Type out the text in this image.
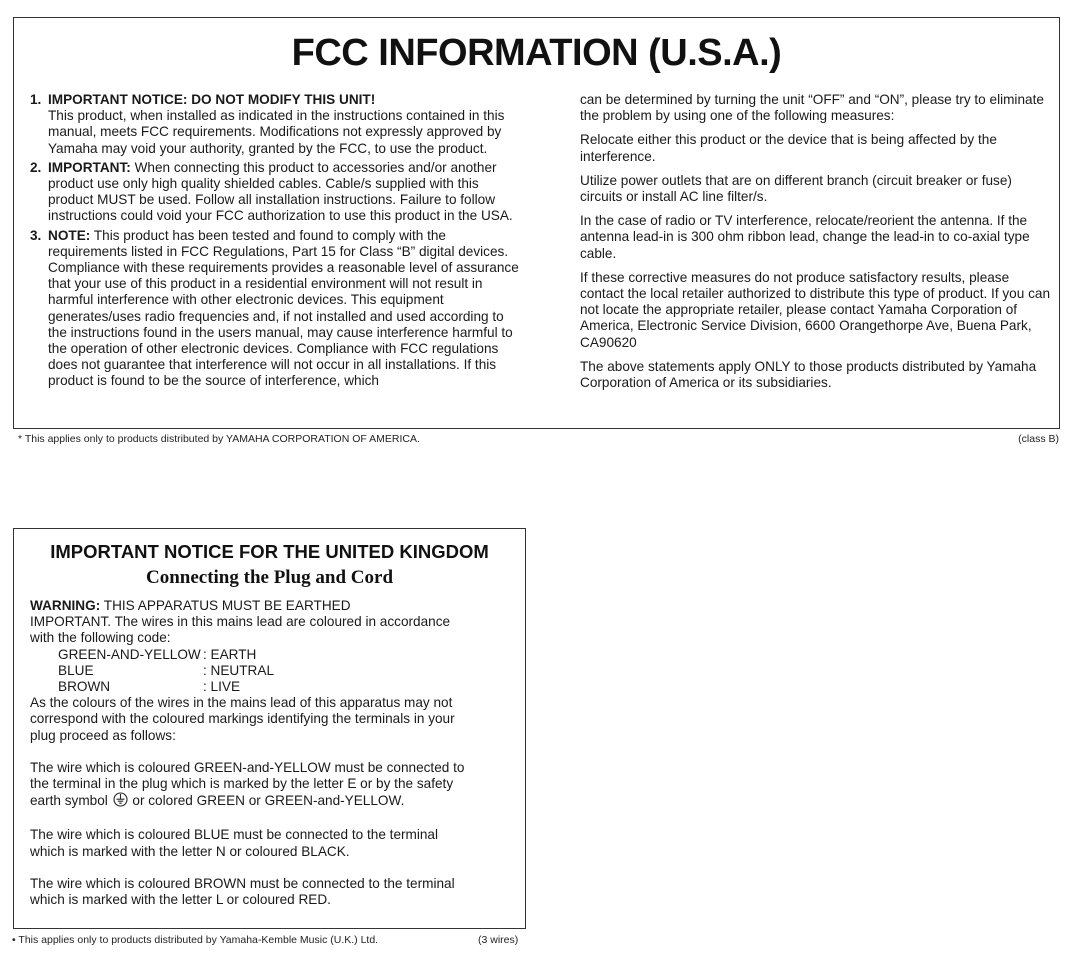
FCC INFORMATION (U.S.A.)
1. IMPORTANT NOTICE: DO NOT MODIFY THIS UNIT!
This product, when installed as indicated in the instructions contained in this manual, meets FCC requirements. Modifications not expressly approved by Yamaha may void your authority, granted by the FCC, to use the product.
2. IMPORTANT: When connecting this product to accessories and/or another product use only high quality shielded cables. Cable/s supplied with this product MUST be used. Follow all installation instructions. Failure to follow instructions could void your FCC authorization to use this product in the USA.
3. NOTE: This product has been tested and found to comply with the requirements listed in FCC Regulations, Part 15 for Class “B” digital devices. Compliance with these requirements provides a reasonable level of assurance that your use of this product in a residential environment will not result in harmful interference with other electronic devices. This equipment generates/uses radio frequencies and, if not installed and used according to the instructions found in the users manual, may cause interference harmful to the operation of other electronic devices. Compliance with FCC regulations does not guarantee that interference will not occur in all installations. If this product is found to be the source of interference, which

can be determined by turning the unit “OFF” and “ON”, please try to eliminate the problem by using one of the following measures:

Relocate either this product or the device that is being affected by the interference.

Utilize power outlets that are on different branch (circuit breaker or fuse) circuits or install AC line filter/s.

In the case of radio or TV interference, relocate/reorient the antenna. If the antenna lead-in is 300 ohm ribbon lead, change the lead-in to co-axial type cable.

If these corrective measures do not produce satisfactory results, please contact the local retailer authorized to distribute this type of product. If you can not locate the appropriate retailer, please contact Yamaha Corporation of America, Electronic Service Division, 6600 Orangethorpe Ave, Buena Park, CA90620

The above statements apply ONLY to those products distributed by Yamaha Corporation of America or its subsidiaries.

* This applies only to products distributed by YAMAHA CORPORATION OF AMERICA.	(class B)
IMPORTANT NOTICE FOR THE UNITED KINGDOM
Connecting the Plug and Cord
WARNING: THIS APPARATUS MUST BE EARTHED
IMPORTANT. The wires in this mains lead are coloured in accordance
with the following code:
GREEN-AND-YELLOW : EARTH
BLUE	: NEUTRAL
BROWN	: LIVE
As the colours of the wires in the mains lead of this apparatus may not
correspond with the coloured markings identifying the terminals in your
plug proceed as follows:
The wire which is coloured GREEN-and-YELLOW must be connected to
the terminal in the plug which is marked by the letter E or by the safety
earth symbol or colored GREEN or GREEN-and-YELLOW.
The wire which is coloured BLUE must be connected to the terminal
which is marked with the letter N or coloured BLACK.
The wire which is coloured BROWN must be connected to the terminal
which is marked with the letter L or coloured RED.
• This applies only to products distributed by Yamaha-Kemble Music (U.K.) Ltd.	(3 wires)
